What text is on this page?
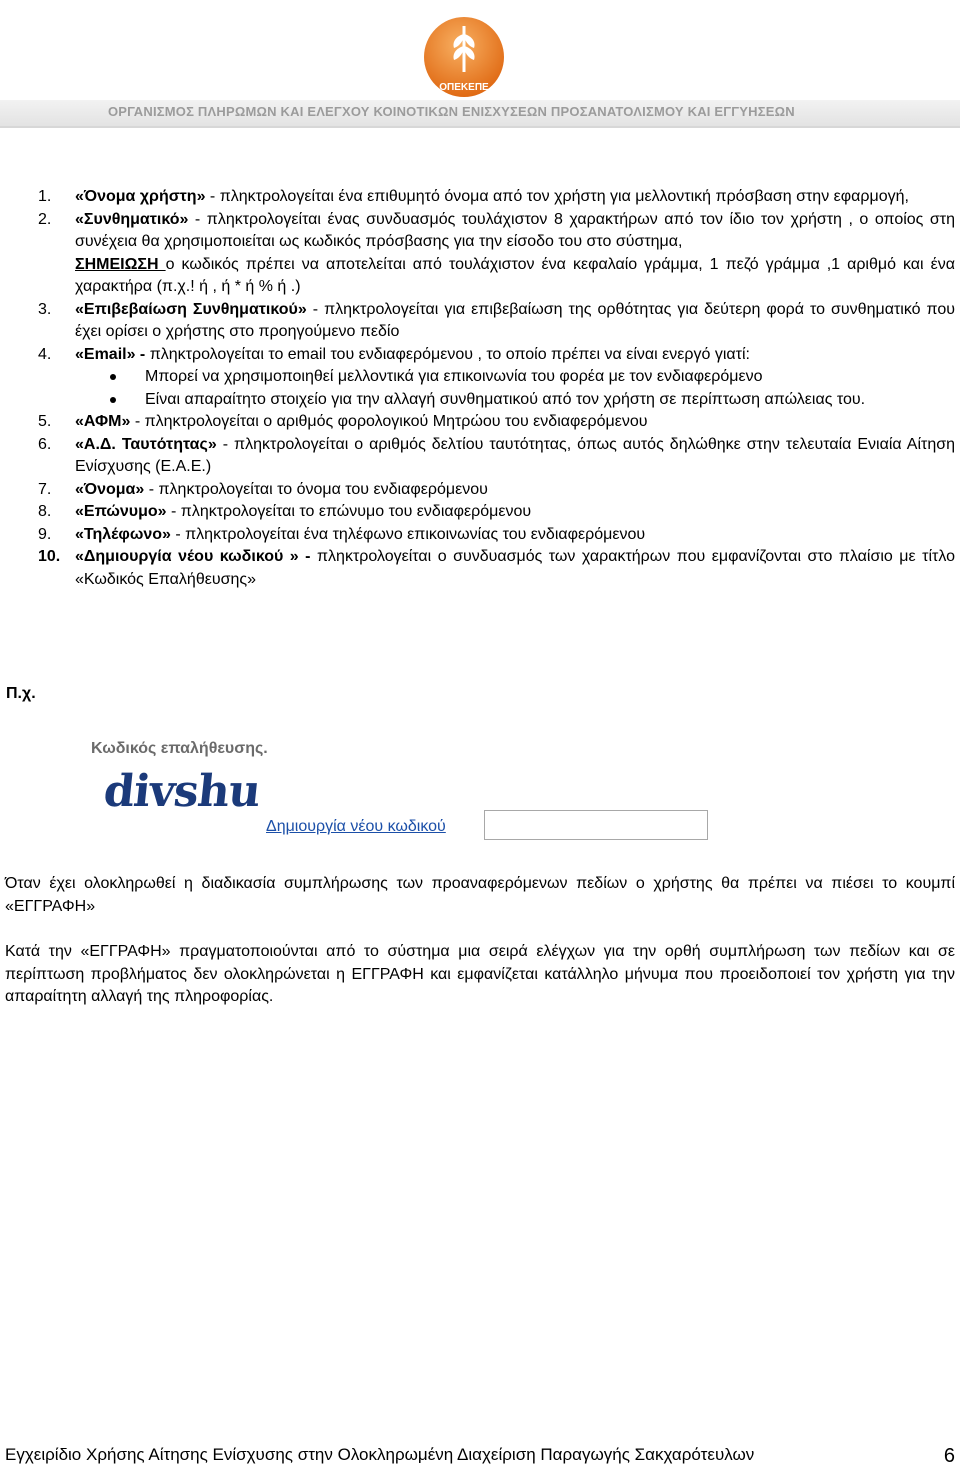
ΟΠΕΚΕΠΕ
ΟΡΓΑΝΙΣΜΟΣ ΠΛΗΡΩΜΩΝ ΚΑΙ ΕΛΕΓΧΟΥ ΚΟΙΝΟΤΙΚΩΝ ΕΝΙΣΧΥΣΕΩΝ ΠΡΟΣΑΝΑΤΟΛΙΣΜΟΥ ΚΑΙ ΕΓΓΥΗΣΕΩΝ
1. «Όνομα χρήστη» - πληκτρολογείται ένα επιθυμητό όνομα από τον χρήστη για μελλοντική πρόσβαση στην εφαρμογή,
2. «Συνθηματικό» - πληκτρολογείται ένας συνδυασμός τουλάχιστον 8 χαρακτήρων από τον ίδιο τον χρήστη , ο οποίος στη συνέχεια θα χρησιμοποιείται ως κωδικός πρόσβασης για την είσοδο του στο σύστημα,
ΣΗΜΕΙΩΣΗ ο κωδικός πρέπει να αποτελείται από τουλάχιστον ένα κεφαλαίο γράμμα, 1 πεζό γράμμα ,1 αριθμό και ένα χαρακτήρα (π.χ.! ή , ή * ή % ή .)
3. «Επιβεβαίωση Συνθηματικού» - πληκτρολογείται για επιβεβαίωση της ορθότητας για δεύτερη φορά το συνθηματικό που έχει ορίσει ο χρήστης στο προηγούμενο πεδίο
4. «Email» - πληκτρολογείται το email του ενδιαφερόμενου , το οποίο πρέπει να είναι ενεργό γιατί:
Μπορεί να χρησιμοποιηθεί μελλοντικά για επικοινωνία του φορέα με τον ενδιαφερόμενο
Είναι απαραίτητο στοιχείο για την αλλαγή συνθηματικού από τον χρήστη σε περίπτωση απώλειας του.
5. «ΑΦΜ» - πληκτρολογείται ο αριθμός φορολογικού Μητρώου του ενδιαφερόμενου
6. «Α.Δ. Ταυτότητας» - πληκτρολογείται ο αριθμός δελτίου ταυτότητας, όπως αυτός δηλώθηκε στην τελευταία Ενιαία Αίτηση Ενίσχυσης (Ε.Α.Ε.)
7. «Όνομα» - πληκτρολογείται το όνομα του ενδιαφερόμενου
8. «Επώνυμο» - πληκτρολογείται το επώνυμο του ενδιαφερόμενου
9. «Τηλέφωνο» - πληκτρολογείται ένα τηλέφωνο επικοινωνίας του ενδιαφερόμενου
10. «Δημιουργία νέου κωδικού » - πληκτρολογείται ο συνδυασμός των χαρακτήρων που εμφανίζονται στο πλαίσιο με τίτλο «Κωδικός Επαλήθευσης»
Π.χ.
Κωδικός επαλήθευσης.
divshu
Δημιουργία νέου κωδικού
Όταν έχει ολοκληρωθεί η διαδικασία συμπλήρωσης των προαναφερόμενων πεδίων ο χρήστης θα πρέπει να πιέσει το κουμπί «ΕΓΓΡΑΦΗ»
Κατά την «ΕΓΓΡΑΦΗ» πραγματοποιούνται από το σύστημα μια σειρά ελέγχων για την ορθή συμπλήρωση των πεδίων και σε περίπτωση προβλήματος δεν ολοκληρώνεται η ΕΓΓΡΑΦΗ και εμφανίζεται κατάλληλο μήνυμα που προειδοποιεί τον χρήστη για την απαραίτητη αλλαγή της πληροφορίας.
Εγχειρίδιο Χρήσης Αίτησης Ενίσχυσης στην Ολοκληρωμένη Διαχείριση Παραγωγής Σακχαρότευλων	6
